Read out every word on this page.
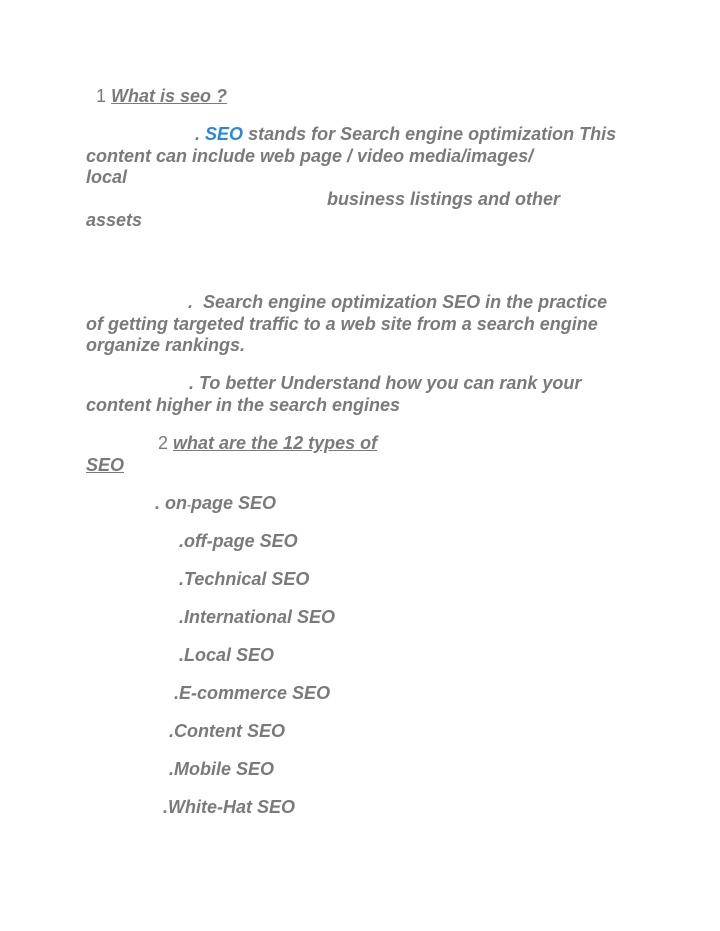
1 What is seo ?
. SEO stands for Search engine optimization This
content can include web page / video media/images/
local
business listings and other
assets
. Search engine optimization SEO in the practice
of getting targeted traffic to a web site from a search engine
organize rankings.
. To better Understand how you can rank your
content higher in the search engines
2 what are the 12 types of
SEO
. on-page SEO
.off-page SEO
.Technical SEO
.International SEO
.Local SEO
.E-commerce SEO
.Content SEO
.Mobile SEO
.White-Hat SEO
